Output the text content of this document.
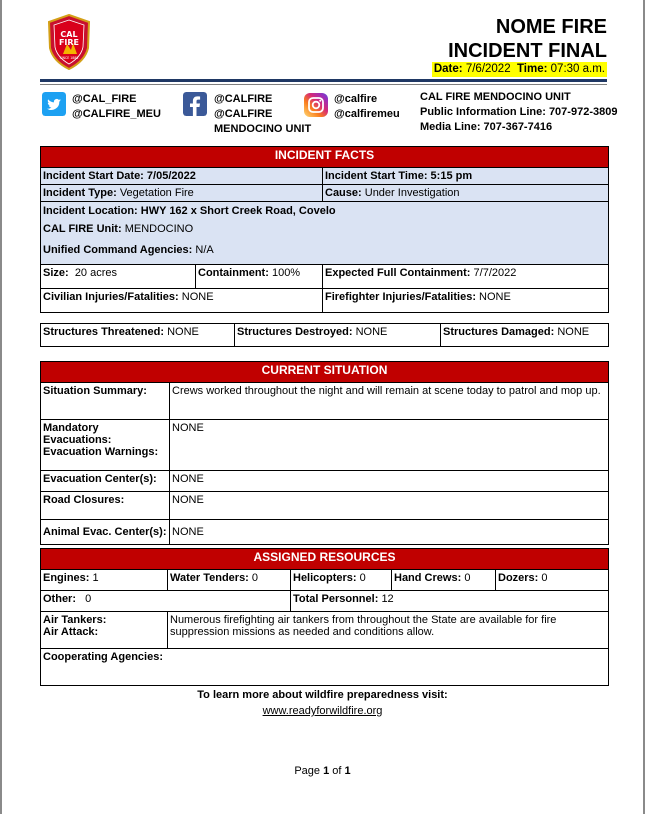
CAL
FIRE
SINCE 1885
NOME FIRE
INCIDENT FINAL
Date: 7/6/2022 Time: 07:30 a.m.
@CAL_FIRE
@CALFIRE_MEU
@CALFIRE
@CALFIRE
MENDOCINO UNIT
@calfire
@calfiremeu
CAL FIRE MENDOCINO UNIT
Public Information Line: 707-972-3809
Media Line: 707-367-7416
INCIDENT FACTS		
Incident Start Date: 7/05/2022		Incident Start Time: 5:15 pm
Incident Type: Vegetation Fire		Cause: Under Investigation

Incident Location: HWY 162 x Short Creek Road, Covelo
CAL FIRE Unit: MENDOCINO
Unified Command Agencies: N/A		

Size: 20 acres	Containment: 100%	Expected Full Containment: 7/7/2022
Civilian Injuries/Fatalities: NONE		Firefighter Injuries/Fatalities: NONE
Structures Threatened: NONE	Structures Destroyed: NONE	Structures Damaged: NONE
CURRENT SITUATION	
Situation Summary:	Crews worked throughout the night and will remain at scene today to patrol and mop up.

Mandatory Evacuations:
Evacuation Warnings:	NONE
Evacuation Center(s):	NONE
Road Closures:	NONE
Animal Evac. Center(s):	NONE
ASSIGNED RESOURCES				
Engines: 1	Water Tenders: 0	Helicopters: 0	Hand Crews: 0	Dozers: 0
Other: 0		Total Personnel: 12		

Air Tankers:
Air Attack:	Numerous firefighting air tankers from throughout the State are available for fire suppression missions as needed and conditions allow.			
Cooperating Agencies:				
To learn more about wildfire preparedness visit:
www.readyforwildfire.org
Page 1 of 1
